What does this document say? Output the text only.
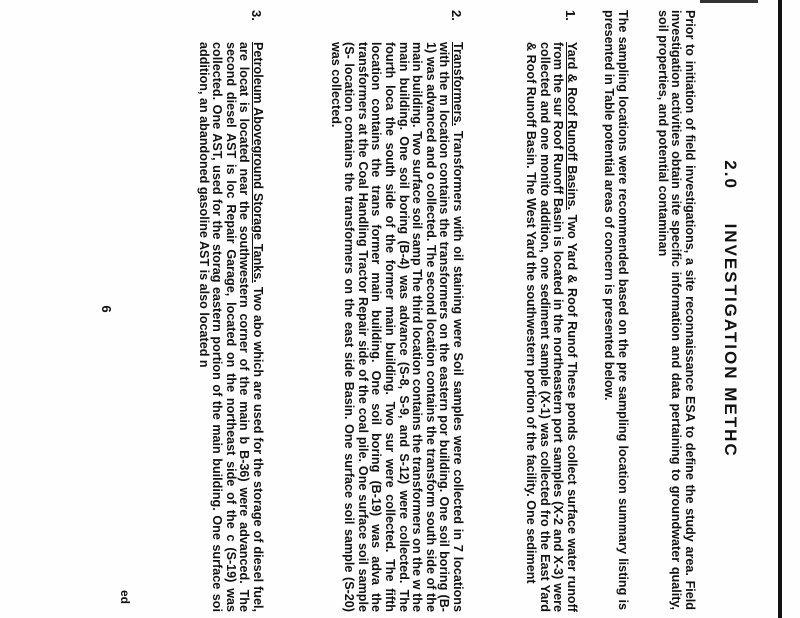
2.0     INVESTIGATION METHC
Prior to initiation of field investigations, a site reconnaissance ESA to define the study area. Field investigation activities obtain site specific information and data pertaining to groundwater quality, soil properties, and potential contaminan
The sampling locations were recommended based on the pre sampling location summary listing is presented in Table potential areas of concern is presented below.
1.
Yard & Roof Runoff Basins. Two Yard & Roof Runof These ponds collect surface water runoff from the sur Roof Runoff Basin is located in the northeastern port samples (X-2 and X-3) were collected and one monito addition, one sediment sample (X-1) was collected fro the East Yard & Roof Runoff Basin. The West Yard the southwestern portion of the facility. One sediment
2.
Transformers. Transformers with oil staining were Soil samples were collected in 7 locations with the m location contains the transformers on the eastern por building. One soil boring (B-1) was advanced and o collected. The second location contains the transform south side of the main building. Two surface soil samp The third location contains the transformers on the w the main building. One soil boring (B-4) was advance (S-8, S-9, and S-12) were collected. The fourth loca the south side of the former main building. Two sur were collected. The fifth location contains the trans former main building. One soil boring (B-19) was adva the transformers at the Coal Handling Tractor Repair side of the coal pile. One surface soil sample (S- location contains the transformers on the east side Basin. One surface soil sample (S-20) was collected.
3.
Petroleum Aboveground Storage Tanks. Two abo which are used for the storage of diesel fuel, are locat is located near the southwestern corner of the main b B-36) were advanced. The second diesel AST is loc Repair Garage, located on the northeast side of the c (S-19) was collected. One AST, used for the storag eastern portion of the main building. One surface soi addition, an abandoned gasoline AST is also located n
6
ed
